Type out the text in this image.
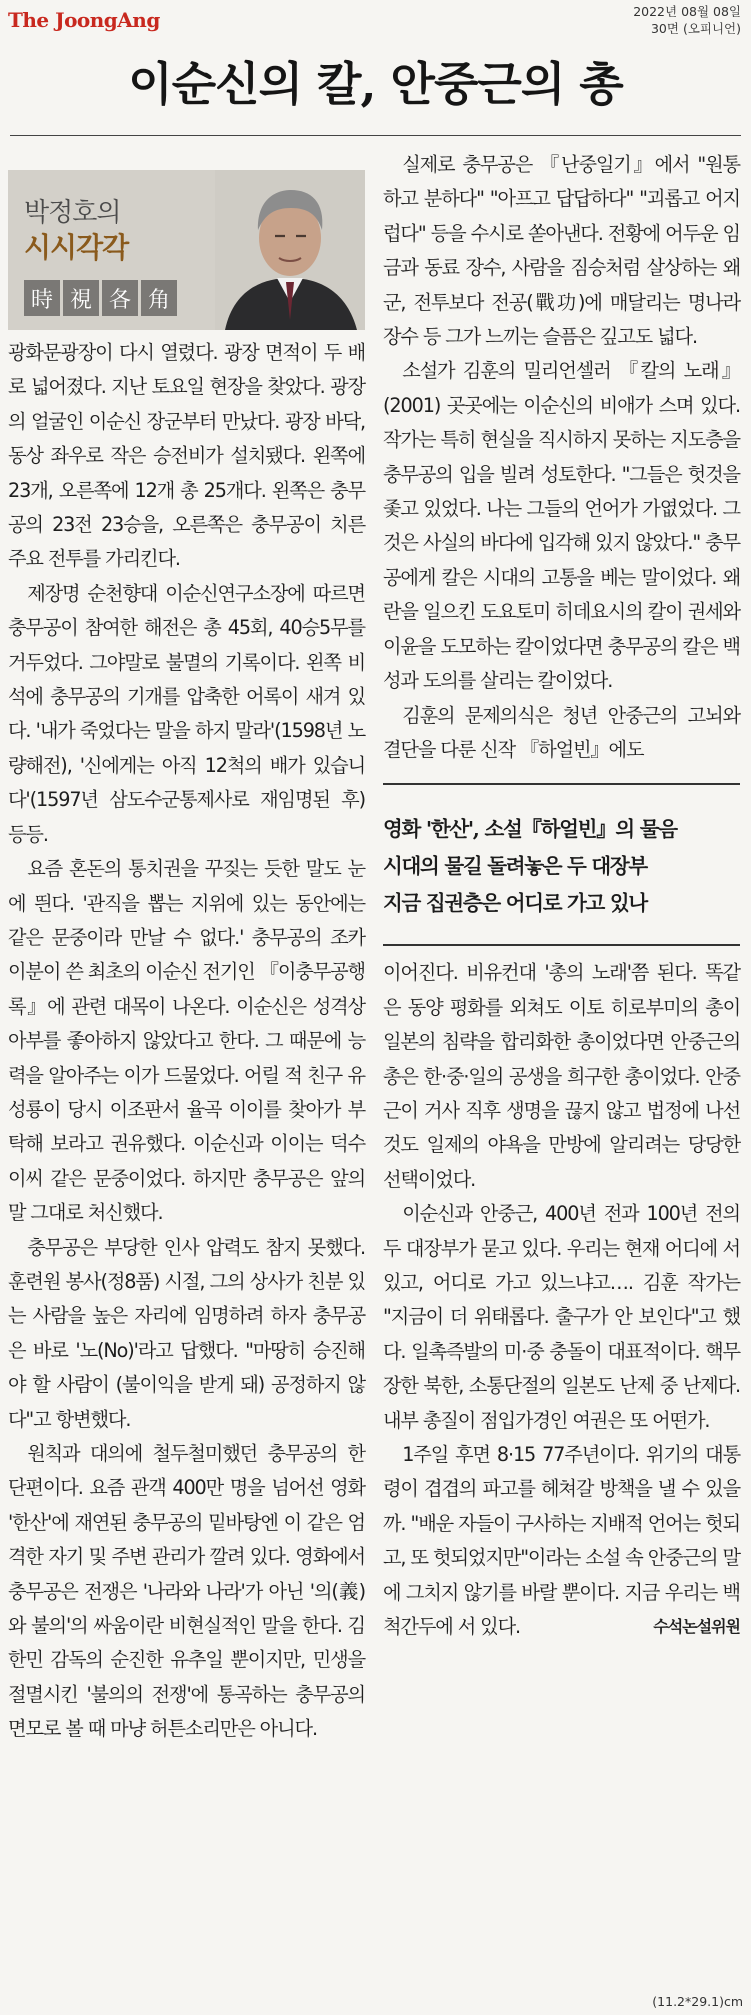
The JoongAng	2022년 08월 08일
30면 (오피니언)
이순신의 칼, 안중근의 총
박정호의
시시각각
時 視 各 角

광화문광장이 다시 열렸다. 광장 면적이 두 배로 넓어졌다. 지난 토요일 현장을 찾았다. 광장의 얼굴인 이순신 장군부터 만났다. 광장 바닥, 동상 좌우로 작은 승전비가 설치됐다. 왼쪽에 23개, 오른쪽에 12개 총 25개다. 왼쪽은 충무공의 23전 23승을, 오른쪽은 충무공이 치른 주요 전투를 가리킨다.

제장명 순천향대 이순신연구소장에 따르면 충무공이 참여한 해전은 총 45회, 40승5무를 거두었다. 그야말로 불멸의 기록이다. 왼쪽 비석에 충무공의 기개를 압축한 어록이 새겨 있다. '내가 죽었다는 말을 하지 말라'(1598년 노량해전), '신에게는 아직 12척의 배가 있습니다'(1597년 삼도수군통제사로 재임명된 후) 등등.

요즘 혼돈의 통치권을 꾸짖는 듯한 말도 눈에 띈다. '관직을 뽑는 지위에 있는 동안에는 같은 문중이라 만날 수 없다.' 충무공의 조카 이분이 쓴 최초의 이순신 전기인 『이충무공행록』에 관련 대목이 나온다. 이순신은 성격상 아부를 좋아하지 않았다고 한다. 그 때문에 능력을 알아주는 이가 드물었다. 어릴 적 친구 유성룡이 당시 이조판서 율곡 이이를 찾아가 부탁해 보라고 권유했다. 이순신과 이이는 덕수 이씨 같은 문중이었다. 하지만 충무공은 앞의 말 그대로 처신했다.

충무공은 부당한 인사 압력도 참지 못했다. 훈련원 봉사(정8품) 시절, 그의 상사가 친분 있는 사람을 높은 자리에 임명하려 하자 충무공은 바로 '노(No)'라고 답했다. "마땅히 승진해야 할 사람이 (불이익을 받게 돼) 공정하지 않다"고 항변했다.

원칙과 대의에 철두철미했던 충무공의 한 단편이다. 요즘 관객 400만 명을 넘어선 영화 '한산'에 재연된 충무공의 밑바탕엔 이 같은 엄격한 자기 및 주변 관리가 깔려 있다. 영화에서 충무공은 전쟁은 '나라와 나라'가 아닌 '의(義)와 불의'의 싸움이란 비현실적인 말을 한다. 김한민 감독의 순진한 유추일 뿐이지만, 민생을 절멸시킨 '불의의 전쟁'에 통곡하는 충무공의 면모로 볼 때 마냥 허튼소리만은 아니다.

실제로 충무공은 『난중일기』에서 "원통하고 분하다" "아프고 답답하다" "괴롭고 어지럽다" 등을 수시로 쏟아낸다. 전황에 어두운 임금과 동료 장수, 사람을 짐승처럼 살상하는 왜군, 전투보다 전공(戰功)에 매달리는 명나라 장수 등 그가 느끼는 슬픔은 깊고도 넓다.

소설가 김훈의 밀리언셀러 『칼의 노래』(2001) 곳곳에는 이순신의 비애가 스며 있다. 작가는 특히 현실을 직시하지 못하는 지도층을 충무공의 입을 빌려 성토한다. "그들은 헛것을 좇고 있었다. 나는 그들의 언어가 가엾었다. 그것은 사실의 바다에 입각해 있지 않았다." 충무공에게 칼은 시대의 고통을 베는 말이었다. 왜란을 일으킨 도요토미 히데요시의 칼이 권세와 이윤을 도모하는 칼이었다면 충무공의 칼은 백성과 도의를 살리는 칼이었다.

김훈의 문제의식은 청년 안중근의 고뇌와 결단을 다룬 신작 『하얼빈』에도

영화 '한산', 소설『하얼빈』의 물음
시대의 물길 돌려놓은 두 대장부
지금 집권층은 어디로 가고 있나

이어진다. 비유컨대 '총의 노래'쯤 된다. 똑같은 동양 평화를 외쳐도 이토 히로부미의 총이 일본의 침략을 합리화한 총이었다면 안중근의 총은 한·중·일의 공생을 희구한 총이었다. 안중근이 거사 직후 생명을 끊지 않고 법정에 나선 것도 일제의 야욕을 만방에 알리려는 당당한 선택이었다.

이순신과 안중근, 400년 전과 100년 전의 두 대장부가 묻고 있다. 우리는 현재 어디에 서 있고, 어디로 가고 있느냐고…. 김훈 작가는 "지금이 더 위태롭다. 출구가 안 보인다"고 했다. 일촉즉발의 미·중 충돌이 대표적이다. 핵무장한 북한, 소통단절의 일본도 난제 중 난제다. 내부 총질이 점입가경인 여권은 또 어떤가.

1주일 후면 8·15 77주년이다. 위기의 대통령이 겹겹의 파고를 헤쳐갈 방책을 낼 수 있을까. "배운 자들이 구사하는 지배적 언어는 헛되고, 또 헛되었지만"이라는 소설 속 안중근의 말에 그치지 않기를 바랄 뿐이다. 지금 우리는 백척간두에 서 있다.	수석논설위원
(11.2*29.1)cm
